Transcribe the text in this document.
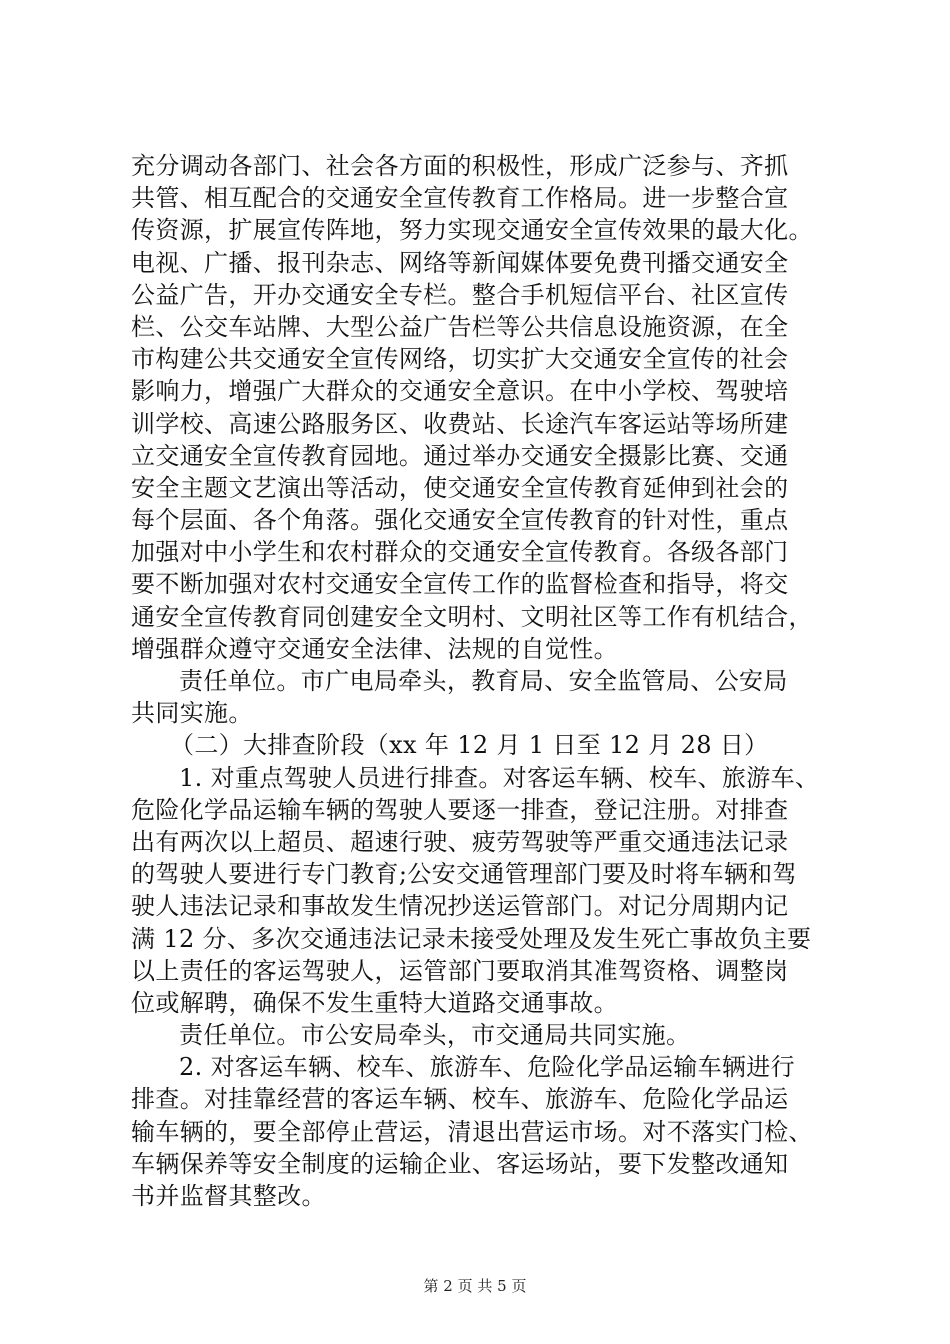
充分调动各部门、社会各方面的积极性，形成广泛参与、齐抓
共管、相互配合的交通安全宣传教育工作格局。进一步整合宣
传资源，扩展宣传阵地，努力实现交通安全宣传效果的最大化。
电视、广播、报刊杂志、网络等新闻媒体要免费刊播交通安全
公益广告，开办交通安全专栏。整合手机短信平台、社区宣传
栏、公交车站牌、大型公益广告栏等公共信息设施资源，在全
市构建公共交通安全宣传网络，切实扩大交通安全宣传的社会
影响力，增强广大群众的交通安全意识。在中小学校、驾驶培
训学校、高速公路服务区、收费站、长途汽车客运站等场所建
立交通安全宣传教育园地。通过举办交通安全摄影比赛、交通
安全主题文艺演出等活动，使交通安全宣传教育延伸到社会的
每个层面、各个角落。强化交通安全宣传教育的针对性，重点
加强对中小学生和农村群众的交通安全宣传教育。各级各部门
要不断加强对农村交通安全宣传工作的监督检查和指导，将交
通安全宣传教育同创建安全文明村、文明社区等工作有机结合，
增强群众遵守交通安全法律、法规的自觉性。
责任单位。市广电局牵头，教育局、安全监管局、公安局
共同实施。
（二）大排查阶段（xx 年 12 月 1 日至 12 月 28 日）
1. 对重点驾驶人员进行排查。对客运车辆、校车、旅游车、
危险化学品运输车辆的驾驶人要逐一排查，登记注册。对排查
出有两次以上超员、超速行驶、疲劳驾驶等严重交通违法记录
的驾驶人要进行专门教育;公安交通管理部门要及时将车辆和驾
驶人违法记录和事故发生情况抄送运管部门。对记分周期内记
满 12 分、多次交通违法记录未接受处理及发生死亡事故负主要
以上责任的客运驾驶人，运管部门要取消其准驾资格、调整岗
位或解聘，确保不发生重特大道路交通事故。
责任单位。市公安局牵头，市交通局共同实施。
2. 对客运车辆、校车、旅游车、危险化学品运输车辆进行
排查。对挂靠经营的客运车辆、校车、旅游车、危险化学品运
输车辆的，要全部停止营运，清退出营运市场。对不落实门检、
车辆保养等安全制度的运输企业、客运场站，要下发整改通知
书并监督其整改。
第 2 页 共 5 页
